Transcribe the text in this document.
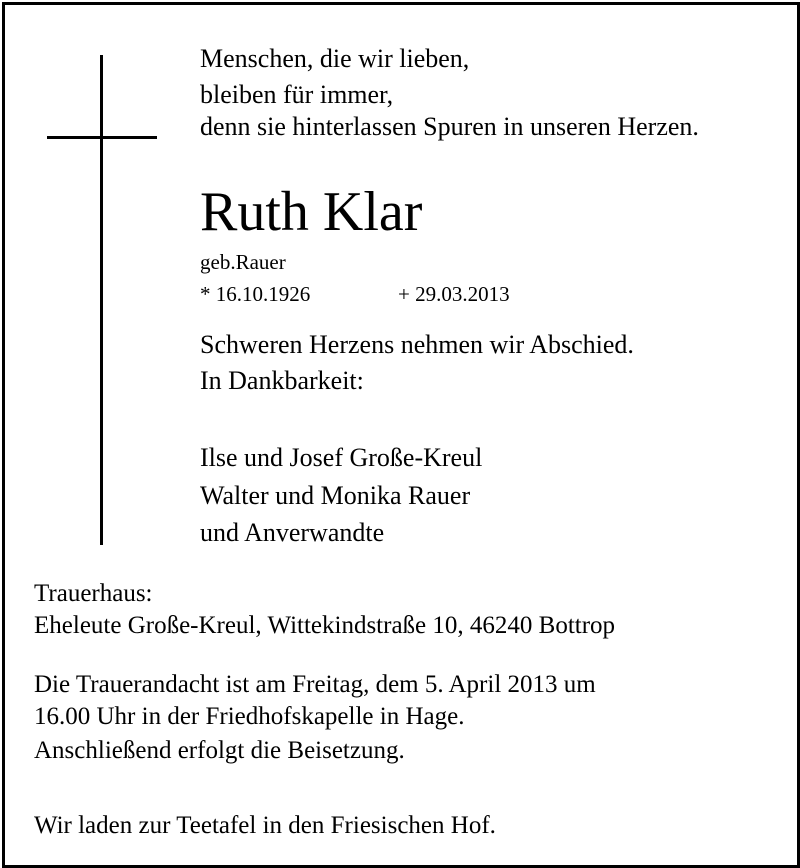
Menschen, die wir lieben,

bleiben für immer,

denn sie hinterlassen Spuren in unseren Herzen.

Ruth Klar

geb.Rauer

* 16.10.1926	+ 29.03.2013

Schweren Herzens nehmen wir Abschied.

In Dankbarkeit:

Ilse und Josef Große-Kreul

Walter und Monika Rauer

und Anverwandte

Trauerhaus:

Eheleute Große-Kreul, Wittekindstraße 10, 46240 Bottrop

Die Trauerandacht ist am Freitag, dem 5. April 2013 um

16.00 Uhr in der Friedhofskapelle in Hage.

Anschließend erfolgt die Beisetzung.

Wir laden zur Teetafel in den Friesischen Hof.
